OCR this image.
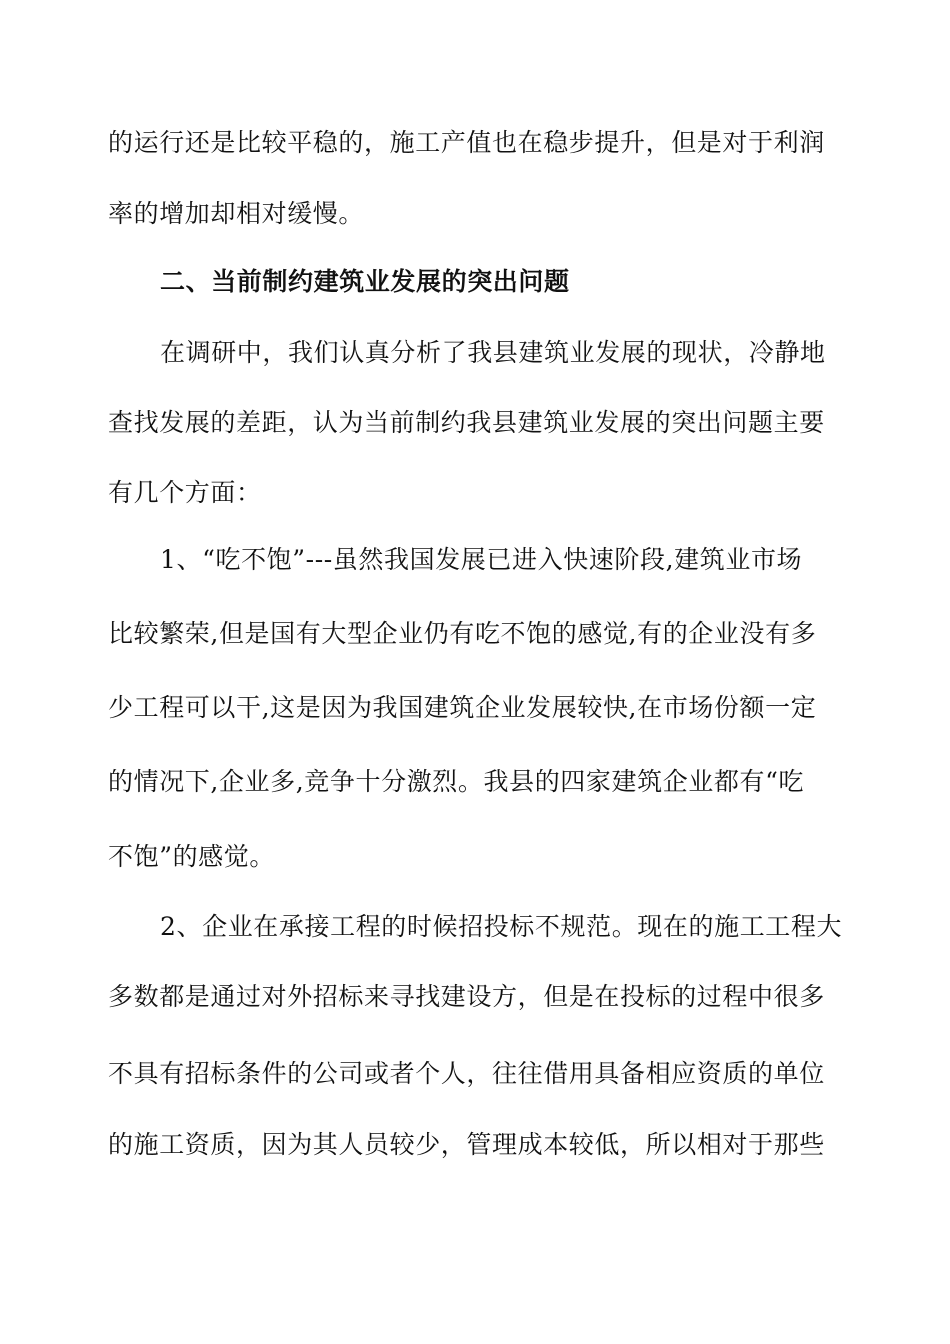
的运行还是比较平稳的，施工产值也在稳步提升，但是对于利润
率的增加却相对缓慢。
二、当前制约建筑业发展的突出问题
在调研中，我们认真分析了我县建筑业发展的现状，冷静地
查找发展的差距，认为当前制约我县建筑业发展的突出问题主要
有几个方面：
1、“吃不饱”---虽然我国发展已进入快速阶段,建筑业市场
比较繁荣,但是国有大型企业仍有吃不饱的感觉,有的企业没有多
少工程可以干,这是因为我国建筑企业发展较快,在市场份额一定
的情况下,企业多,竞争十分激烈。我县的四家建筑企业都有“吃
不饱”的感觉。
2、企业在承接工程的时候招投标不规范。现在的施工工程大
多数都是通过对外招标来寻找建设方，但是在投标的过程中很多
不具有招标条件的公司或者个人，往往借用具备相应资质的单位
的施工资质，因为其人员较少，管理成本较低，所以相对于那些
